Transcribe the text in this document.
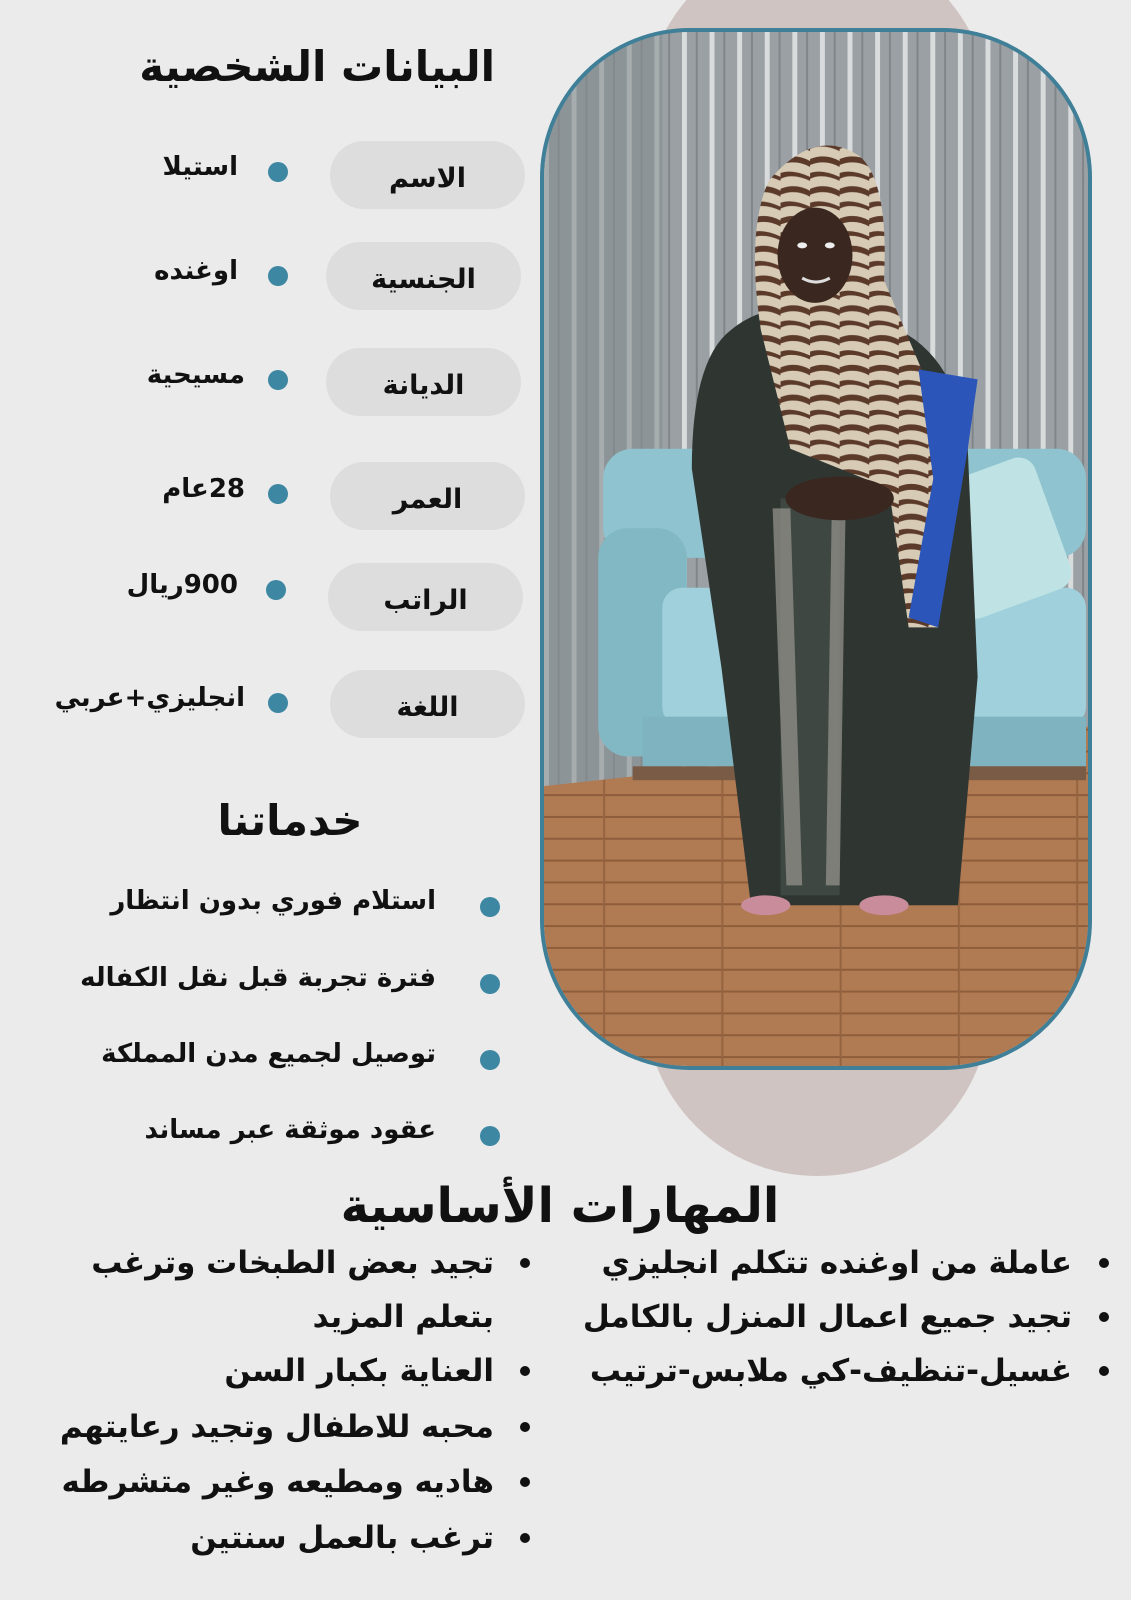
البيانات الشخصية
الاسم
استيلا
الجنسية
اوغنده
الديانة
مسيحية
العمر
28عام
الراتب
900ريال
اللغة
انجليزي+عربي
خدماتنا
استلام فوري بدون انتظار
فترة تجربة قبل نقل الكفاله
توصيل لجميع مدن المملكة
عقود موثقة عبر مساند
المهارات الأساسية
عاملة من اوغنده تتكلم انجليزي
تجيد جميع اعمال المنزل بالكامل
غسيل-تنظيف-كي ملابس-ترتيب
تجيد بعض الطبخات وترغب
بتعلم المزيد
العناية بكبار السن
محبه للاطفال وتجيد رعايتهم
هاديه ومطيعه وغير متشرطه
ترغب بالعمل سنتين
